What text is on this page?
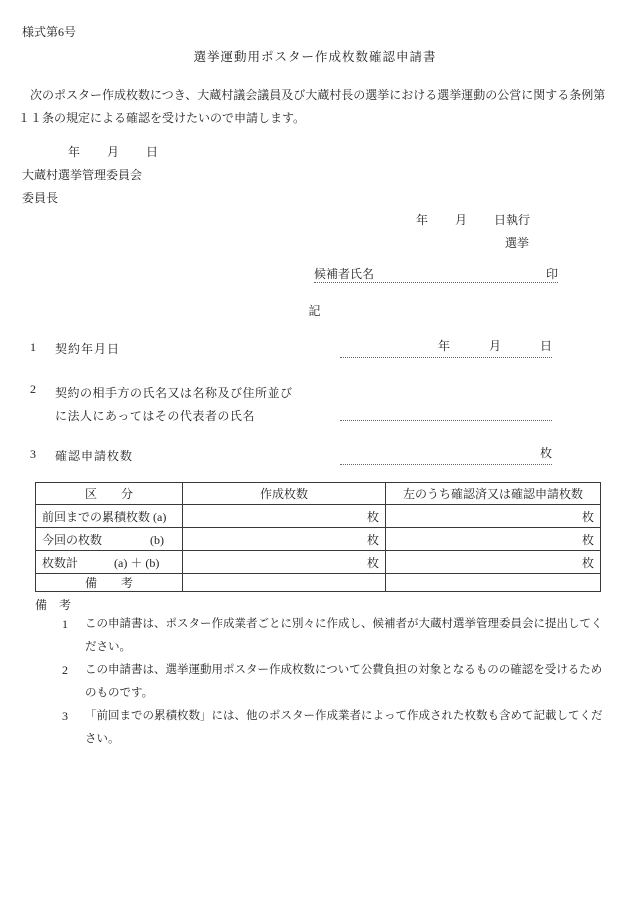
様式第6号
選挙運動用ポスター作成枚数確認申請書
　次のポスター作成枚数につき、大蔵村議会議員及び大蔵村長の選挙における選挙運動の公営に関する条例第
１１条の規定による確認を受けたいので申請します。
年　 　月　 　日
大蔵村選挙管理委員会
委員長
年　 　月　 　日執行
選挙
候補者氏名	印
記
1	契約年月日	年　　　 月　　　 日
2	契約の相手方の氏名又は名称及び住所並び
に法人にあってはその代表者の氏名
3	確認申請枚数	枚
区　　分	作成枚数	左のうち確認済又は確認申請枚数
前回までの累積枚数 (a)	枚	枚
今回の枚数　　　　(b)	枚	枚
枚数計　　　(a) ＋ (b)	枚	枚
備　　考		
備　考
1	この申請書は、ポスター作成業者ごとに別々に作成し、候補者が大蔵村選挙管理委員会に提出してください。
2	この申請書は、選挙運動用ポスター作成枚数について公費負担の対象となるものの確認を受けるためのものです。
3	「前回までの累積枚数」には、他のポスター作成業者によって作成された枚数も含めて記載してください。
